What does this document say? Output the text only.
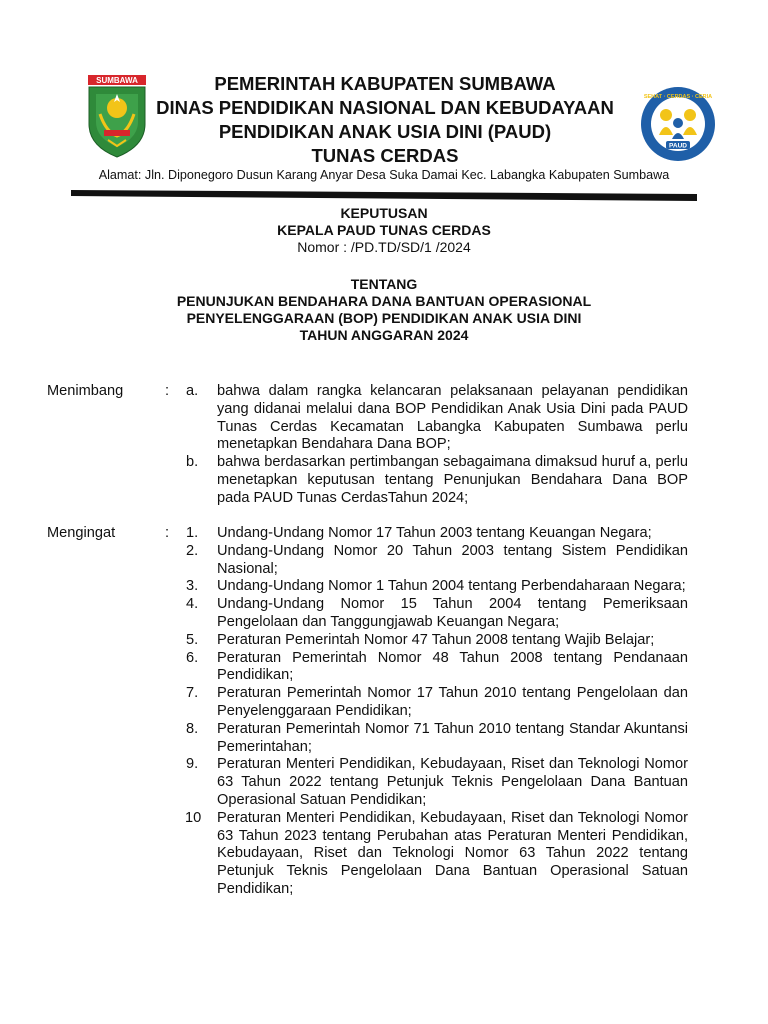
SUMBAWA
SEHAT · CERDAS · CERIA
PAUD
PEMERINTAH KABUPATEN SUMBAWA
DINAS PENDIDIKAN NASIONAL DAN KEBUDAYAAN
PENDIDIKAN ANAK USIA DINI (PAUD)
TUNAS CERDAS
Alamat: Jln. Diponegoro Dusun Karang Anyar Desa Suka Damai Kec. Labangka Kabupaten Sumbawa
KEPUTUSAN
KEPALA PAUD TUNAS CERDAS
Nomor : /PD.TD/SD/1 /2024
TENTANG
PENUNJUKAN BENDAHARA DANA BANTUAN OPERASIONAL
PENYELENGGARAAN (BOP) PENDIDIKAN ANAK USIA DINI
TAHUN ANGGARAN 2024
Menimbang	: a.	bahwa dalam rangka kelancaran pelaksanaan pelayanan pendidikan yang didanai melalui dana BOP Pendidikan Anak Usia Dini pada PAUD Tunas Cerdas Kecamatan Labangka Kabupaten Sumbawa perlu menetapkan Bendahara Dana BOP;
b.	bahwa berdasarkan pertimbangan sebagaimana dimaksud huruf a, perlu menetapkan keputusan tentang Penunjukan Bendahara Dana BOP pada PAUD Tunas CerdasTahun 2024;
Mengingat	: 1.	Undang-Undang Nomor 17 Tahun 2003 tentang Keuangan Negara;
2.	Undang-Undang Nomor 20 Tahun 2003 tentang Sistem Pendidikan Nasional;
3.	Undang-Undang Nomor 1 Tahun 2004 tentang Perbendaharaan Negara;
4.	Undang-Undang Nomor 15 Tahun 2004 tentang Pemeriksaan Pengelolaan dan Tanggungjawab Keuangan Negara;
5.	Peraturan Pemerintah Nomor 47 Tahun 2008 tentang Wajib Belajar;
6.	Peraturan Pemerintah Nomor 48 Tahun 2008 tentang Pendanaan Pendidikan;
7.	Peraturan Pemerintah Nomor 17 Tahun 2010 tentang Pengelolaan dan Penyelenggaraan Pendidikan;
8.	Peraturan Pemerintah Nomor 71 Tahun 2010 tentang Standar Akuntansi Pemerintahan;
9.	Peraturan Menteri Pendidikan, Kebudayaan, Riset dan Teknologi Nomor 63 Tahun 2022 tentang Petunjuk Teknis Pengelolaan Dana Bantuan Operasional Satuan Pendidikan;
10 Peraturan Menteri Pendidikan, Kebudayaan, Riset dan Teknologi Nomor 63 Tahun 2023 tentang Perubahan atas Peraturan Menteri Pendidikan, Kebudayaan, Riset dan Teknologi Nomor 63 Tahun 2022 tentang Petunjuk Teknis Pengelolaan Dana Bantuan Operasional Satuan Pendidikan;
